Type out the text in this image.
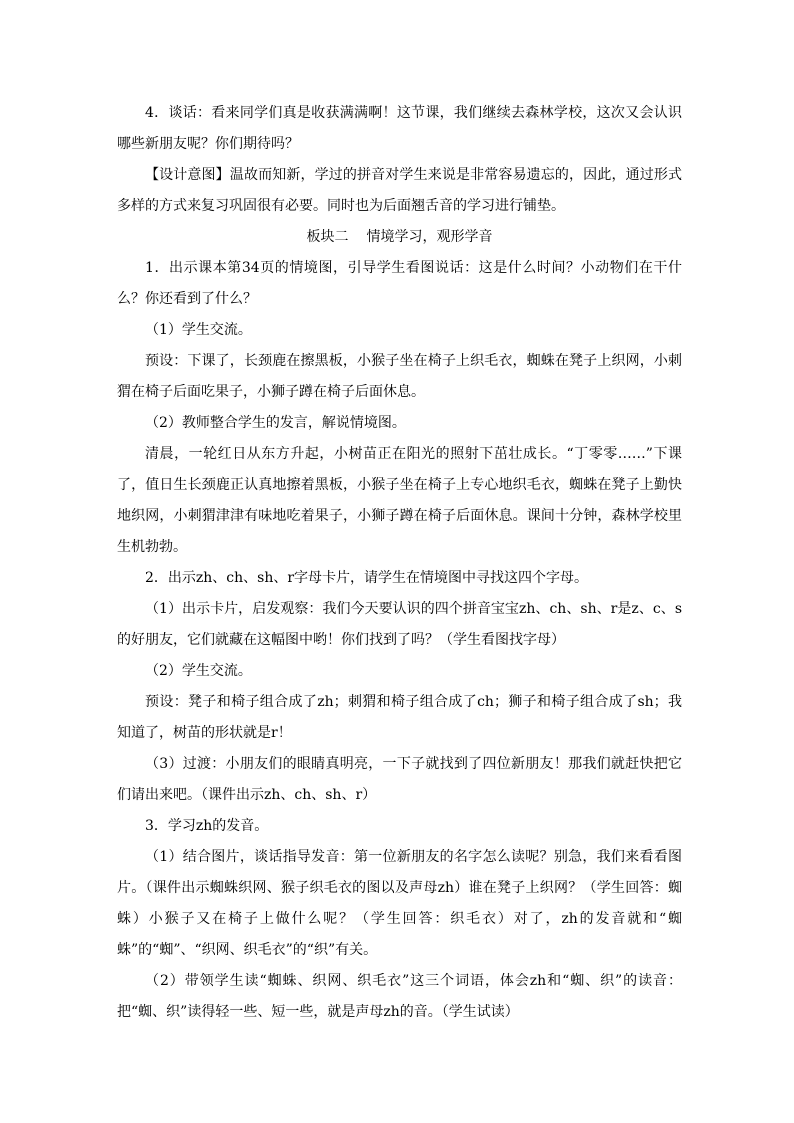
4．谈话：看来同学们真是收获满满啊！这节课，我们继续去森林学校，这次又会认识哪些新朋友呢？你们期待吗？

【设计意图】温故而知新，学过的拼音对学生来说是非常容易遗忘的，因此，通过形式多样的方式来复习巩固很有必要。同时也为后面翘舌音的学习进行铺垫。

板块二 情境学习，观形学音

1．出示课本第34页的情境图，引导学生看图说话：这是什么时间？小动物们在干什么？你还看到了什么？

（1）学生交流。

预设：下课了，长颈鹿在擦黑板，小猴子坐在椅子上织毛衣，蜘蛛在凳子上织网，小刺猬在椅子后面吃果子，小狮子蹲在椅子后面休息。

（2）教师整合学生的发言，解说情境图。

清晨，一轮红日从东方升起，小树苗正在阳光的照射下茁壮成长。“丁零零……”下课了，值日生长颈鹿正认真地擦着黑板，小猴子坐在椅子上专心地织毛衣，蜘蛛在凳子上勤快地织网，小刺猬津津有味地吃着果子，小狮子蹲在椅子后面休息。课间十分钟，森林学校里生机勃勃。

2．出示zh、ch、sh、r字母卡片，请学生在情境图中寻找这四个字母。

（1）出示卡片，启发观察：我们今天要认识的四个拼音宝宝zh、ch、sh、r是z、c、s的好朋友，它们就藏在这幅图中哟！你们找到了吗？（学生看图找字母）

（2）学生交流。

预设：凳子和椅子组合成了zh；刺猬和椅子组合成了ch；狮子和椅子组合成了sh；我知道了，树苗的形状就是r！

（3）过渡：小朋友们的眼睛真明亮，一下子就找到了四位新朋友！那我们就赶快把它们请出来吧。（课件出示zh、ch、sh、r）

3．学习zh的发音。

（1）结合图片，谈话指导发音：第一位新朋友的名字怎么读呢？别急，我们来看看图片。（课件出示蜘蛛织网、猴子织毛衣的图以及声母zh）谁在凳子上织网？（学生回答：蜘蛛）小猴子又在椅子上做什么呢？（学生回答：织毛衣）对了，zh的发音就和“蜘蛛”的“蜘”、“织网、织毛衣”的“织”有关。

（2）带领学生读“蜘蛛、织网、织毛衣”这三个词语，体会zh和“蜘、织”的读音：把“蜘、织”读得轻一些、短一些，就是声母zh的音。（学生试读）
